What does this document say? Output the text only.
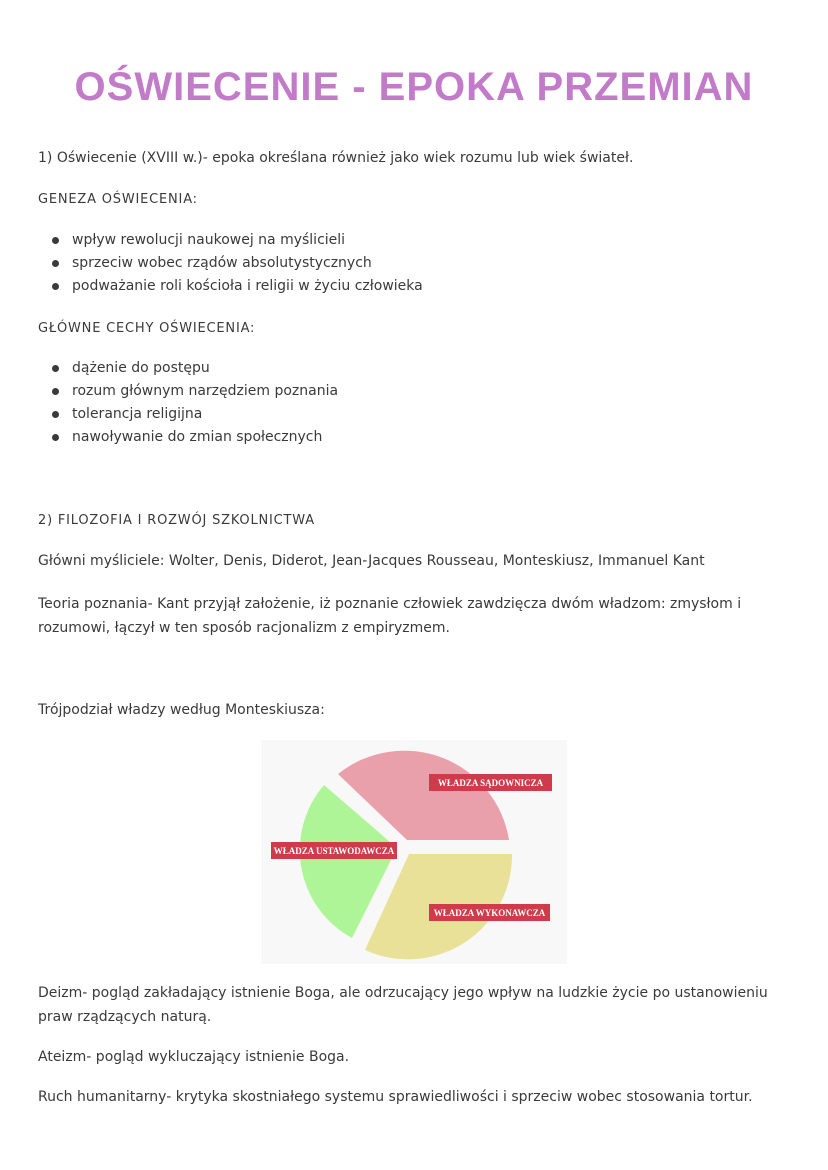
OŚWIECENIE - EPOKA PRZEMIAN

1) Oświecenie (XVIII w.)- epoka określana również jako wiek rozumu lub wiek świateł.

GENEZA OŚWIECENIA:

wpływ rewolucji naukowej na myślicieli
sprzeciw wobec rządów absolutystycznych
podważanie roli kościoła i religii w życiu człowieka

GŁÓWNE CECHY OŚWIECENIA:

dążenie do postępu
rozum głównym narzędziem poznania
tolerancja religijna
nawoływanie do zmian społecznych

2) FILOZOFIA I ROZWÓJ SZKOLNICTWA

Główni myśliciele: Wolter, Denis, Diderot, Jean-Jacques Rousseau, Monteskiusz, Immanuel Kant

Teoria poznania- Kant przyjął założenie, iż poznanie człowiek zawdzięcza dwóm władzom: zmysłom i

rozumowi, łączył w ten sposób racjonalizm z empiryzmem.

Trójpodział władzy według Monteskiusza:

WŁADZA SĄDOWNICZA
WŁADZA USTAWODAWCZA
WŁADZA WYKONAWCZA

Deizm- pogląd zakładający istnienie Boga, ale odrzucający jego wpływ na ludzkie życie po ustanowieniu

praw rządzących naturą.

Ateizm- pogląd wykluczający istnienie Boga.

Ruch humanitarny- krytyka skostniałego systemu sprawiedliwości i sprzeciw wobec stosowania tortur.
